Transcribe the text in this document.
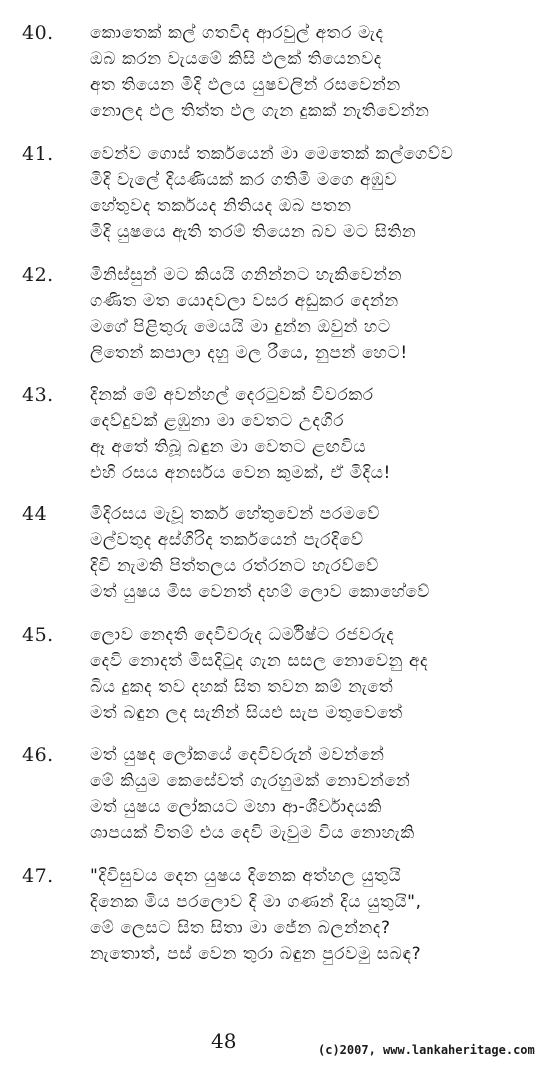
40. කොතෙක් කල් ගතවිද ආරවුල් අතර මැද
ඔබ කරන වැයමේ කිසි ඵලක් තියෙනවද
අත තියෙන මිදි ඵලය යුෂවලින් රසවෙන්න
නොලද ඵල තිත්ත ඵල ගැන දුකක් නැතිවෙන්න
41. වෙන්ව ගොස් තර්කයෙන් මා මෙතෙක් කල්ගෙව්ව
මිදි වැලේ දියණියක් කර ගතිමි මගෙ අඹුව
හේතුවද තර්කයද නිතියද ඔබ පතන
මිදි යුෂයෙ ඇති තරම් තියෙන බව මට සිතින
42. මිනිස්සුන් මට කියයි ගනින්නට හැකිවෙන්න
ගණිත මත යොදවලා වසර අඩුකර දෙන්න
මගේ පිළිතුරු මෙයයි මා දුන්න ඔවුන් හට
ලිතෙන් කපාලා දහු මල රීයෙ, නුපන් හෙට!
43. දිනක් මේ අවන්හල් දෙරටුවක් විවරකර
දෙව්දුවක් ළඹුනා මා වෙතට උදගිර
ඈ අතේ තිබූ බඳුන මා වෙතට ළඟවිය
එහි රසය අනර්ඝය වෙන කුමක්, ඒ මිදිය!
44	මිදිරසය මැවූ තර්ක හේතුවෙන් පරමවේ
මල්වතුද අස්ගිරිද තර්කයෙන් පැරදිවේ
දිවි නැමති පිත්තලය රත්රනට හැරව්වේ
මත් යුෂය මිස වෙනත් දහම් ලොව කොහේවේ
45. ලොව නෙදති දෙවිවරුද ධර්මිෂ්ට රජවරුද
දෙවි නොදත් මිසදිටුද ගැන සසල නොවෙනු අද
බිය දුකද තව දහක් සිත තවන කම් නැතේ
මත් බඳුන ලද සැනින් සියළු සැප මතුවෙතේ
46. මත් යුෂද ලෝකයේ දෙවිවරුන් මවන්නේ
මේ කියුම කෙසේවත් ගැරහුමක් නොවන්නේ
මත් යුෂය ලෝකයට මහා ආ-ශීර්වාදයකි
ශාපයක් විතම් එය දෙවි මැවුම විය නොහැකි
47. "දිවිසුවය දෙන යුෂය දිනෙක අත්හල යුතුයි
දිනෙක මිය පරලොව දි මා ගණන් දිය යුතුයි",
මේ ලෙසට සිත සිතා මා ජේන බලන්නද?
නැතොත්, පස් වෙන තුරා බඳුන පුරවමු සබඳ?
48	(c)2007, www.lankaheritage.com
